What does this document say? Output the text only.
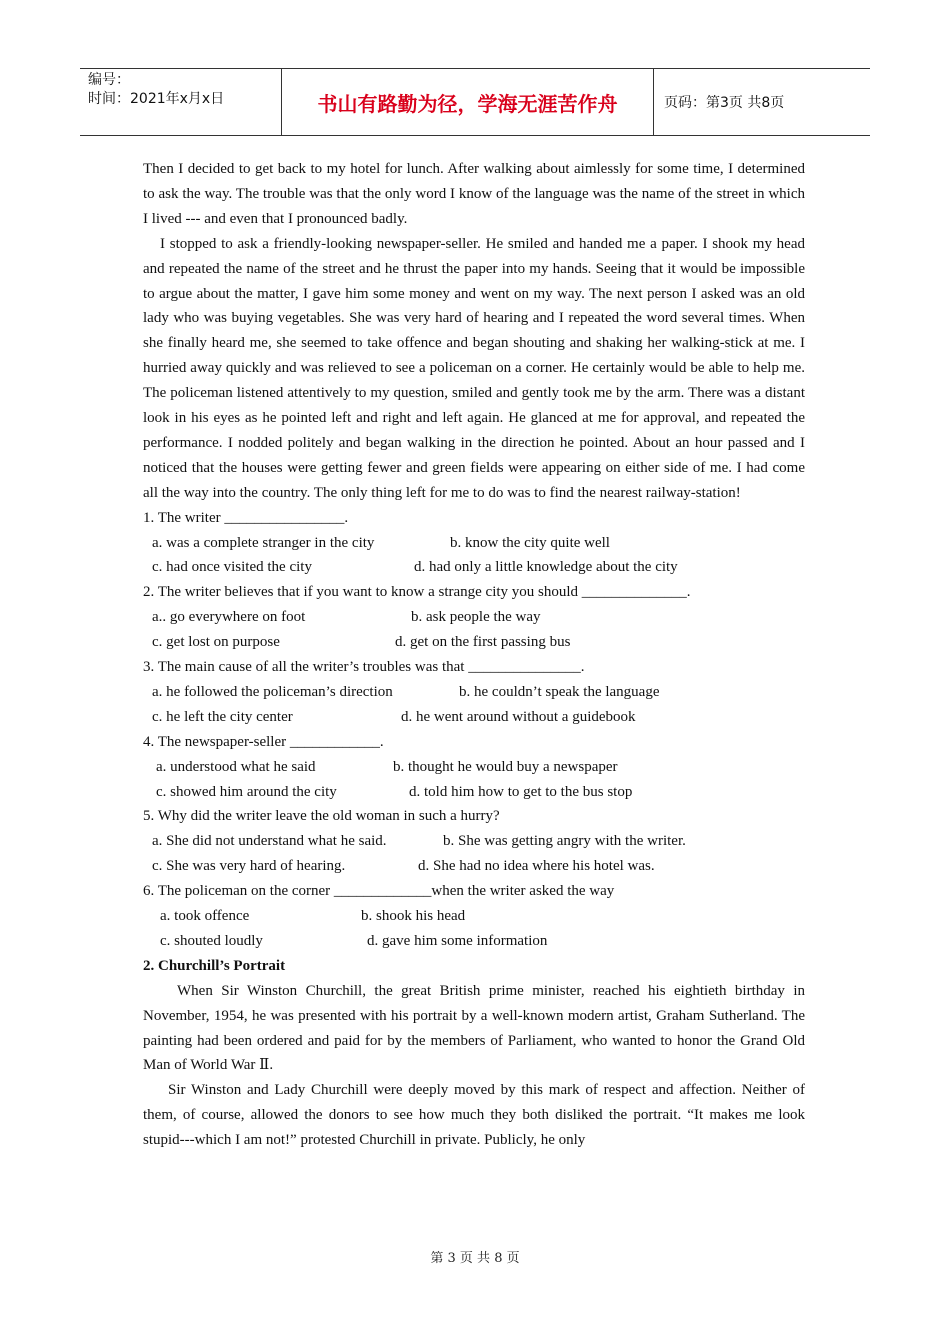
编号：
时间：2021年x月x日	书山有路勤为径，学海无涯苦作舟	页码：第3页 共8页

Then I decided to get back to my hotel for lunch. After walking about aimlessly for some time, I determined to ask the way. The trouble was that the only word I know of the language was the name of the street in which I lived --- and even that I pronounced badly.

I stopped to ask a friendly-looking newspaper-seller. He smiled and handed me a paper. I shook my head and repeated the name of the street and he thrust the paper into my hands. Seeing that it would be impossible to argue about the matter, I gave him some money and went on my way. The next person I asked was an old lady who was buying vegetables. She was very hard of hearing and I repeated the word several times. When she finally heard me, she seemed to take offence and began shouting and shaking her walking-stick at me. I hurried away quickly and was relieved to see a policeman on a corner. He certainly would be able to help me. The policeman listened attentively to my question, smiled and gently took me by the arm. There was a distant look in his eyes as he pointed left and right and left again. He glanced at me for approval, and repeated the performance. I nodded politely and began walking in the direction he pointed. About an hour passed and I noticed that the houses were getting fewer and green fields were appearing on either side of me. I had come all the way into the country. The only thing left for me to do was to find the nearest railway-station!

1. The writer ________________.

a. was a complete stranger in the city	b. know the city quite well
c. had once visited the city	d. had only a little knowledge about the city

2. The writer believes that if you want to know a strange city you should ______________.

a.. go everywhere on foot	b. ask people the way
c. get lost on purpose	d. get on the first passing bus

3. The main cause of all the writer’s troubles was that _______________.

a. he followed the policeman’s direction	b. he couldn’t speak the language
c. he left the city center	d. he went around without a guidebook

4. The newspaper-seller ____________.

a. understood what he said	b. thought he would buy a newspaper
c. showed him around the city	d. told him how to get to the bus stop

5. Why did the writer leave the old woman in such a hurry?

a. She did not understand what he said.	b. She was getting angry with the writer.
c. She was very hard of hearing.	d. She had no idea where his hotel was.

6. The policeman on the corner _____________when the writer asked the way

a. took offence	b. shook his head
c. shouted loudly	d. gave him some information

2. Churchill’s Portrait

When Sir Winston Churchill, the great British prime minister, reached his eightieth birthday in November, 1954, he was presented with his portrait by a well-known modern artist, Graham Sutherland. The painting had been ordered and paid for by the members of Parliament, who wanted to honor the Grand Old Man of World War Ⅱ.

Sir Winston and Lady Churchill were deeply moved by this mark of respect and affection. Neither of them, of course, allowed the donors to see how much they both disliked the portrait. “It makes me look stupid---which I am not!” protested Churchill in private. Publicly, he only

第 3 页 共 8 页
